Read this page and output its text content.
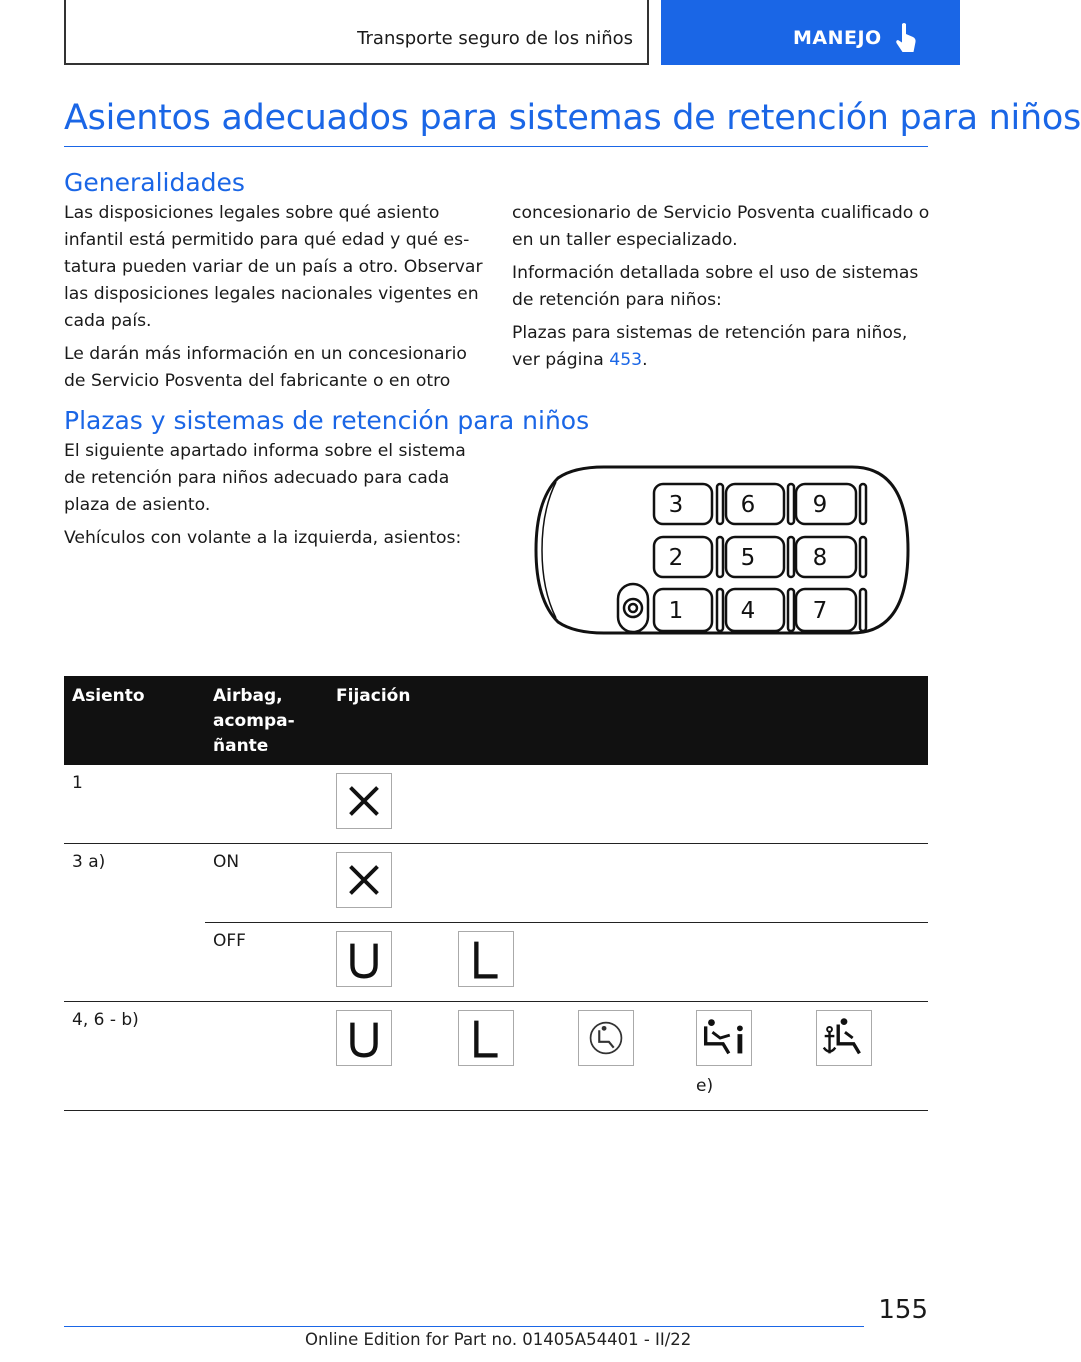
Transporte seguro de los niños	MANEJO
Asientos adecuados para sistemas de retención para niños
Generalidades

Las disposiciones legales sobre qué asiento infantil está permitido para qué edad y qué estatura pueden variar de un país a otro. Observar las disposiciones legales nacionales vigentes en cada país.

Le darán más información en un concesionario de Servicio Posventa del fabricante o en otro

concesionario de Servicio Posventa cualificado o en un taller especializado.

Información detallada sobre el uso de sistemas de retención para niños:

Plazas para sistemas de retención para niños, ver página 453.

Plazas y sistemas de retención para niños

El siguiente apartado informa sobre el sistema de retención para niños adecuado para cada plaza de asiento.

Vehículos con volante a la izquierda, asientos:

3 6 9
2 5 8
1 4 7
Asiento	Airbag, acompañante	Fijación
1		

3 a)	ON	

	OFF	

4, 6 - b)		e)
155
Online Edition for Part no. 01405A54401 - II/22
